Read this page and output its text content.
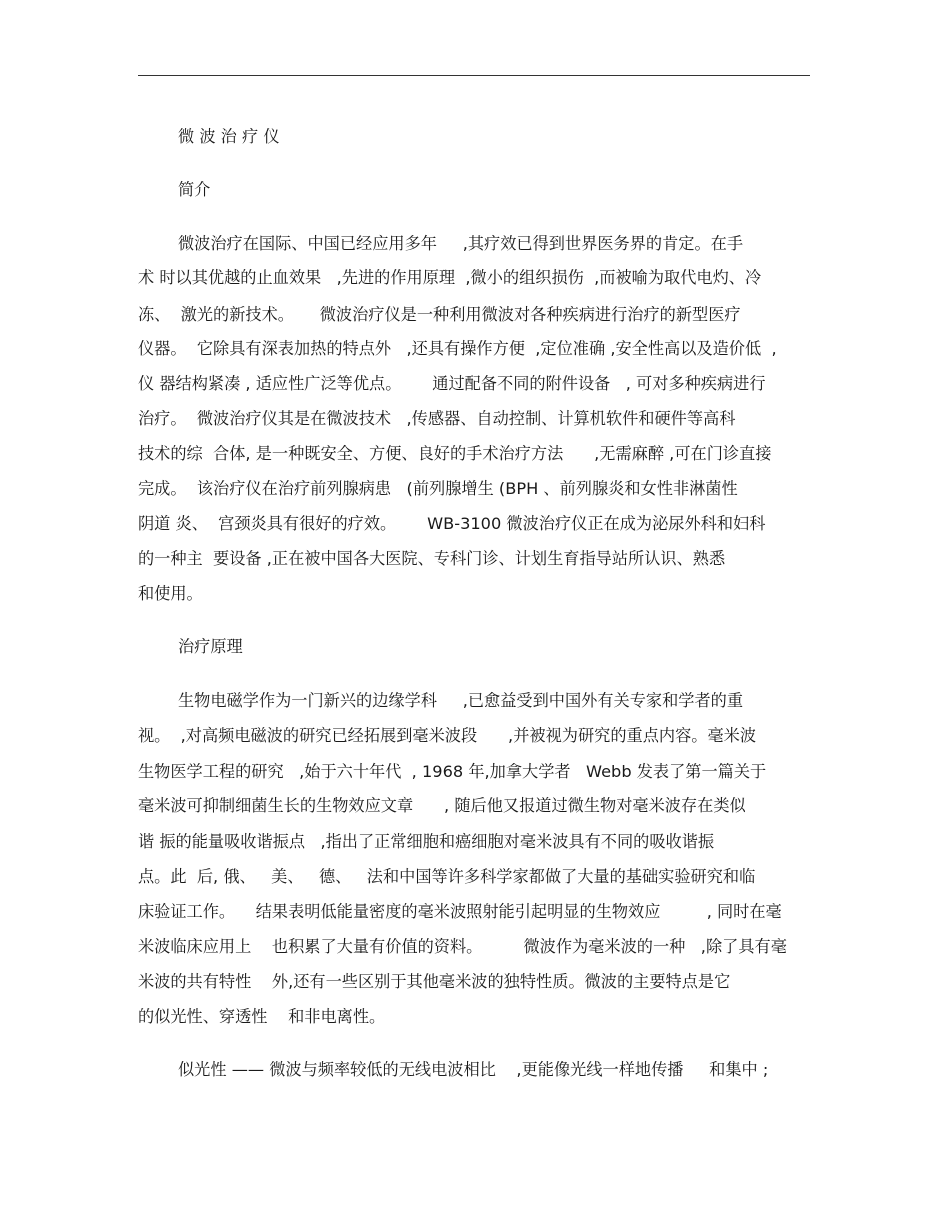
微 波 治 疗 仪
简介
微波治疗在国际、中国已经应用多年     ,其疗效已得到世界医务界的肯定。在手
术 时以其优越的止血效果   ,先进的作用原理  ,微小的组织损伤  ,而被喻为取代电灼、冷
冻、  激光的新技术。     微波治疗仪是一种利用微波对各种疾病进行治疗的新型医疗
仪器。  它除具有深表加热的特点外   ,还具有操作方便  ,定位准确 ,安全性高以及造价低  ,
仪 器结构紧凑 , 适应性广泛等优点。      通过配备不同的附件设备   , 可对多种疾病进行
治疗。  微波治疗仪其是在微波技术   ,传感器、自动控制、计算机软件和硬件等高科
技术的综  合体, 是一种既安全、方便、良好的手术治疗方法      ,无需麻醉 ,可在门诊直接
完成。  该治疗仪在治疗前列腺病患   (前列腺增生 (BPH 、前列腺炎和女性非淋菌性
阴道 炎、  宫颈炎具有很好的疗效。      WB-3100 微波治疗仪正在成为泌尿外科和妇科
的一种主  要设备 ,正在被中国各大医院、专科门诊、计划生育指导站所认识、熟悉
和使用。
治疗原理
生物电磁学作为一门新兴的边缘学科     ,已愈益受到中国外有关专家和学者的重
视。  ,对高频电磁波的研究已经拓展到毫米波段      ,并被视为研究的重点内容。毫米波
生物医学工程的研究   ,始于六十年代  , 1968 年,加拿大学者   Webb 发表了第一篇关于
毫米波可抑制细菌生长的生物效应文章      , 随后他又报道过微生物对毫米波存在类似
谐 振的能量吸收谐振点   ,指出了正常细胞和癌细胞对毫米波具有不同的吸收谐振
点。此  后, 俄、   美、   德、   法和中国等许多科学家都做了大量的基础实验研究和临
床验证工作。    结果表明低能量密度的毫米波照射能引起明显的生物效应         , 同时在毫
米波临床应用上    也积累了大量有价值的资料。        微波作为毫米波的一种   ,除了具有毫
米波的共有特性    外,还有一些区别于其他毫米波的独特性质。微波的主要特点是它
的似光性、穿透性    和非电离性。
似光性 —— 微波与频率较低的无线电波相比    ,更能像光线一样地传播     和集中 ;
